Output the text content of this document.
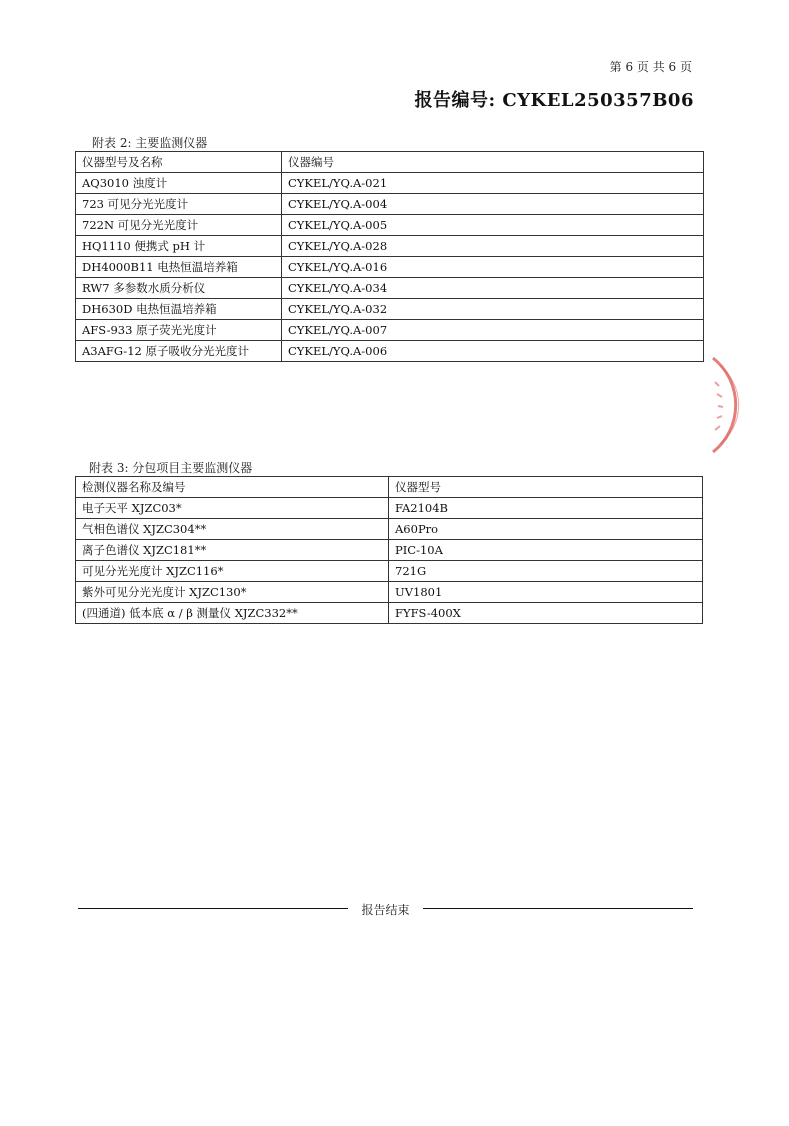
第 6 页 共 6 页
报告编号: CYKEL250357B06
附表 2: 主要监测仪器
仪器型号及名称	仪器编号
AQ3010 浊度计	CYKEL/YQ.A-021
723 可见分光光度计	CYKEL/YQ.A-004
722N 可见分光光度计	CYKEL/YQ.A-005
HQ1110 便携式 pH 计	CYKEL/YQ.A-028
DH4000B11 电热恒温培养箱	CYKEL/YQ.A-016
RW7 多参数水质分析仪	CYKEL/YQ.A-034
DH630D 电热恒温培养箱	CYKEL/YQ.A-032
AFS-933 原子荧光光度计	CYKEL/YQ.A-007
A3AFG-12 原子吸收分光光度计	CYKEL/YQ.A-006
附表 3: 分包项目主要监测仪器
检测仪器名称及编号	仪器型号
电子天平 XJZC03*	FA2104B
气相色谱仪 XJZC304**	A60Pro
离子色谱仪 XJZC181**	PIC-10A
可见分光光度计 XJZC116*	721G
紫外可见分光光度计 XJZC130*	UV1801
(四通道) 低本底 α / β 测量仪 XJZC332**	FYFS-400X
报告结束
